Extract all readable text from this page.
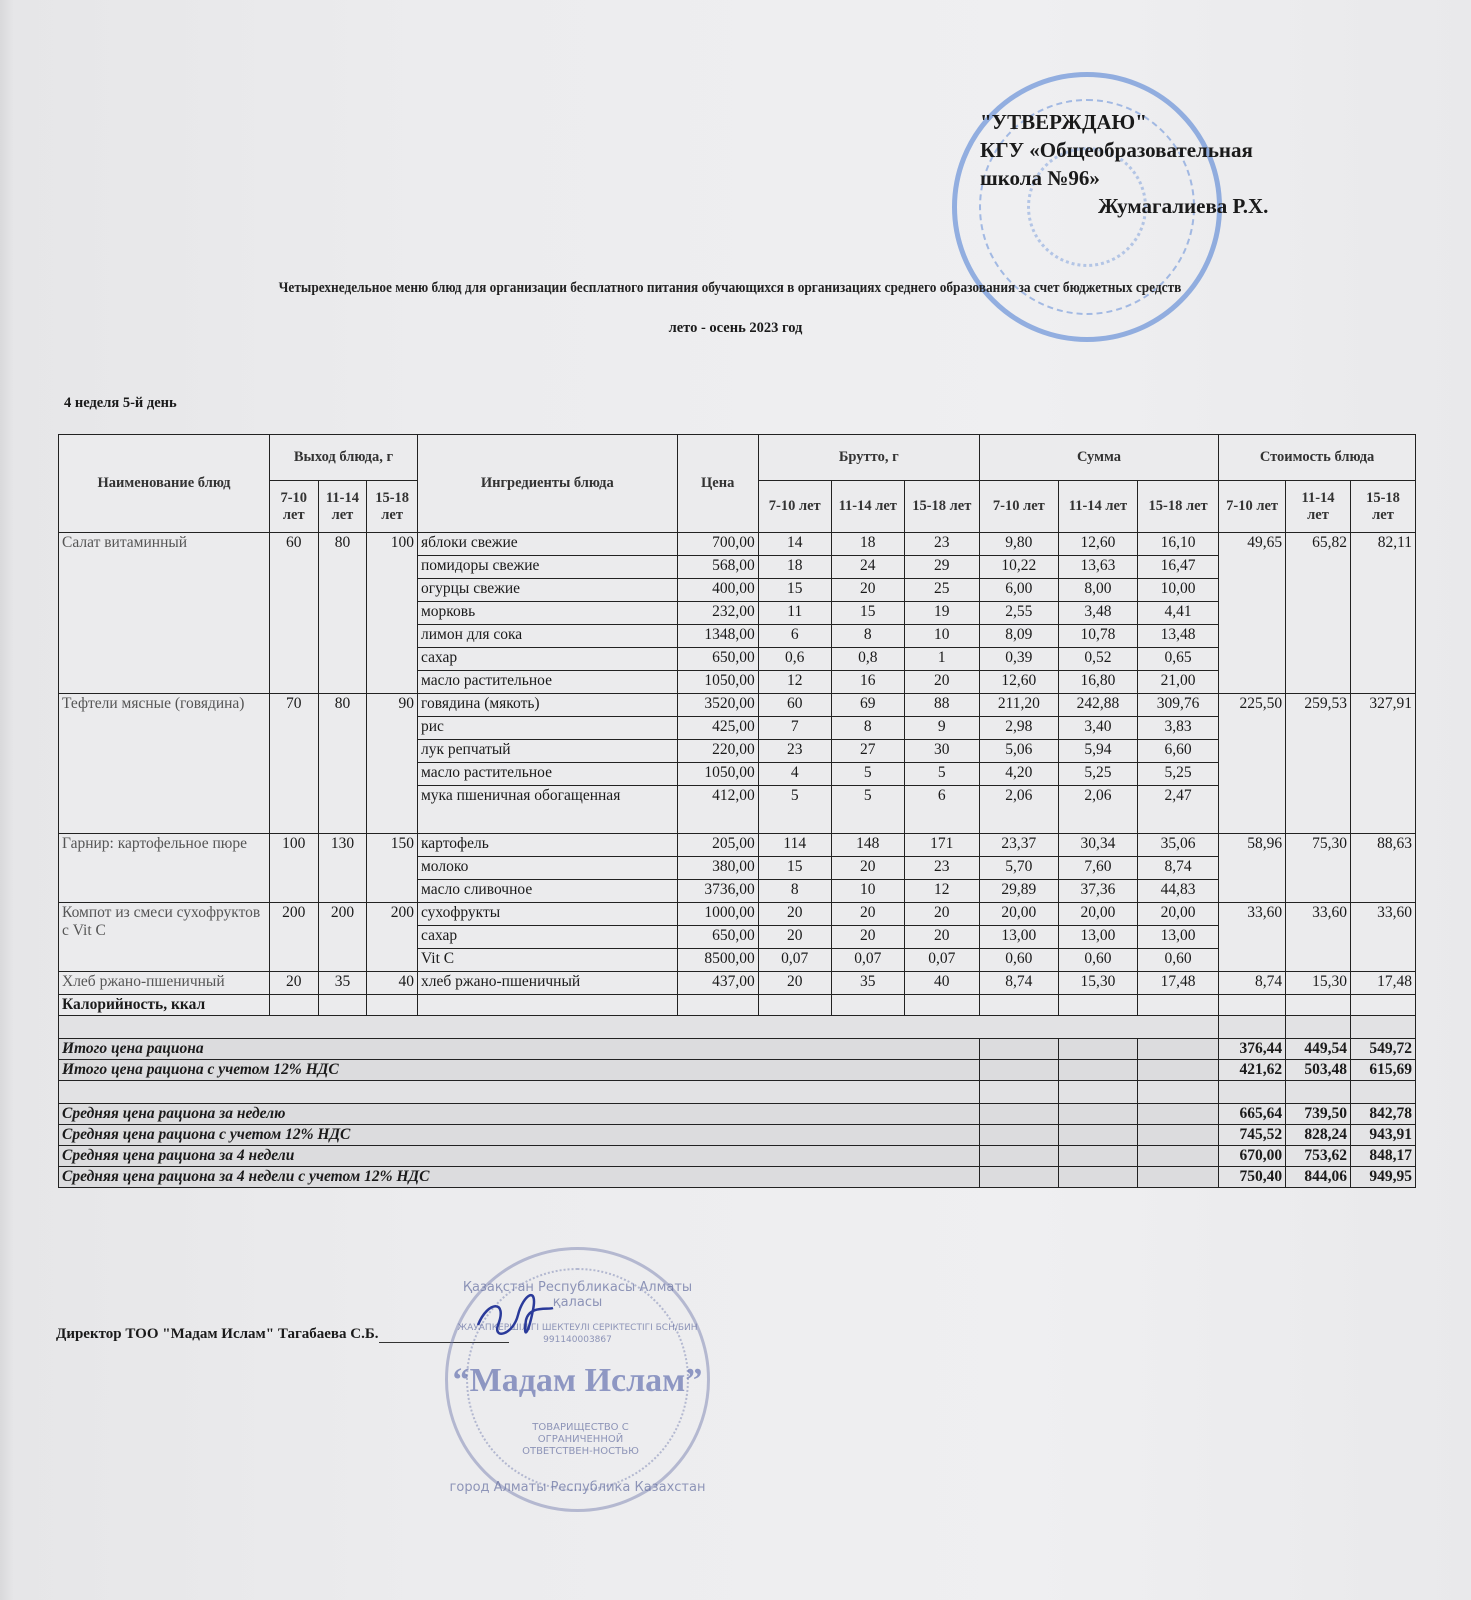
"УТВЕРЖДАЮ"
КГУ «Общеобразовательная
школа №96»
Жумагалиева Р.Х.
Четырехнедельное меню блюд для организации бесплатного питания обучающихся в организациях среднего образования за счет бюджетных средств
лето - осень 2023 год
4 неделя 5-й день
Наименование блюд	Выход блюда, г			Ингредиенты блюда	Цена	Брутто, г			Сумма			Стоимость блюда		
	7-10 лет	11-14 лет	15-18 лет			7-10 лет	11-14 лет	15-18 лет	7-10 лет	11-14 лет	15-18 лет	7-10 лет	11-14 лет	15-18 лет
Салат витаминный	60	80	100	яблоки свежие	700,00	14	18	23	9,80	12,60	16,10	49,65	65,82	82,11
				помидоры свежие	568,00	18	24	29	10,22	13,63	16,47			
				огурцы свежие	400,00	15	20	25	6,00	8,00	10,00			
				морковь	232,00	11	15	19	2,55	3,48	4,41			
				лимон для сока	1348,00	6	8	10	8,09	10,78	13,48			
				сахар	650,00	0,6	0,8	1	0,39	0,52	0,65			
				масло растительное	1050,00	12	16	20	12,60	16,80	21,00			
Тефтели мясные (говядина)	70	80	90	говядина (мякоть)	3520,00	60	69	88	211,20	242,88	309,76	225,50	259,53	327,91
				рис	425,00	7	8	9	2,98	3,40	3,83			
				лук репчатый	220,00	23	27	30	5,06	5,94	6,60			
				масло растительное	1050,00	4	5	5	4,20	5,25	5,25			
				мука пшеничная обогащенная	412,00	5	5	6	2,06	2,06	2,47			
Гарнир: картофельное пюре	100	130	150	картофель	205,00	114	148	171	23,37	30,34	35,06	58,96	75,30	88,63
				молоко	380,00	15	20	23	5,70	7,60	8,74			
				масло сливочное	3736,00	8	10	12	29,89	37,36	44,83			
Компот из смеси сухофруктов с Vit C	200	200	200	сухофрукты	1000,00	20	20	20	20,00	20,00	20,00	33,60	33,60	33,60
				сахар	650,00	20	20	20	13,00	13,00	13,00			
				Vit C	8500,00	0,07	0,07	0,07	0,60	0,60	0,60			
Хлеб ржано-пшеничный	20	35	40	хлеб ржано-пшеничный	437,00	20	35	40	8,74	15,30	17,48	8,74	15,30	17,48
Калорийность, ккал														

Итого цена рациона												376,44	449,54	549,72
Итого цена рациона с учетом 12% НДС												421,62	503,48	615,69

Средняя цена рациона за неделю												665,64	739,50	842,78
Средняя цена рациона с учетом 12% НДС												745,52	828,24	943,91
Средняя цена рациона за 4 недели												670,00	753,62	848,17
Средняя цена рациона за 4 недели с учетом 12% НДС												750,40	844,06	949,95
Директор ТОО "Мадам Ислам" Тагабаева С.Б.
Қазақстан Республикасы Алматы қаласы
ЖАУАПКЕРШІЛІГІ ШЕКТЕУЛІ СЕРІКТЕСТІГІ БСН/БИН 991140003867
“Мадам Ислам”
ТОВАРИЩЕСТВО С ОГРАНИЧЕННОЙ ОТВЕТСТВЕН-НОСТЬЮ
город Алматы Республика Казахстан
